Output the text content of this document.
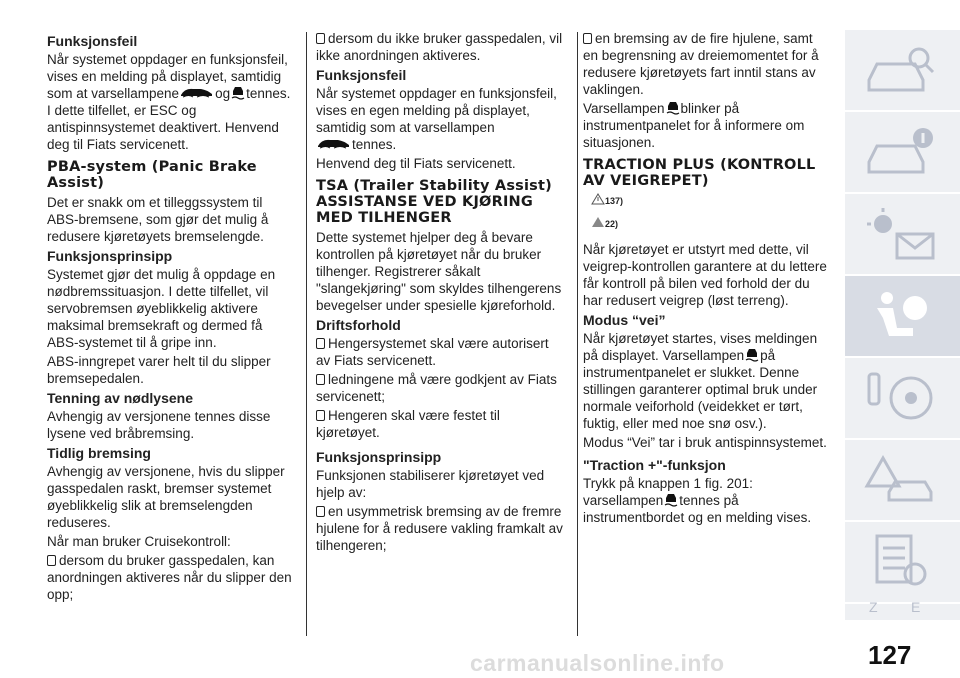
Funksjonsfeil

Når systemet oppdager en funksjonsfeil, vises en melding på displayet, samtidig som at varsellampene	og tennes. I dette tilfellet, er ESC og antispinnsystemet deaktivert. Henvend deg til Fiats servicenett.

PBA-system (Panic Brake Assist)

Det er snakk om et tilleggssystem til ABS-bremsene, som gjør det mulig å redusere kjøretøyets bremselengde.

Funksjonsprinsipp

Systemet gjør det mulig å oppdage en nødbremssituasjon. I dette tilfellet, vil servobremsen øyeblikkelig aktivere maksimal bremsekraft og dermed få ABS-systemet til å gripe inn.

ABS-inngrepet varer helt til du slipper bremsepedalen.

Tenning av nødlysene

Avhengig av versjonene tennes disse lysene ved bråbremsing.

Tidlig bremsing

Avhengig av versjonene, hvis du slipper gasspedalen raskt, bremser systemet øyeblikkelig slik at bremselengden reduseres.

Når man bruker Cruisekontroll:

dersom du bruker gasspedalen, kan anordningen aktiveres når du slipper den opp;

dersom du ikke bruker gasspedalen, vil ikke anordningen aktiveres.

Funksjonsfeil

Når systemet oppdager en funksjonsfeil, vises en egen melding på displayet, samtidig som at varsellampen
tennes.

Henvend deg til Fiats servicenett.

TSA (Trailer Stability Assist) ASSISTANSE VED KJØRING MED TILHENGER

Dette systemet hjelper deg å bevare kontrollen på kjøretøyet når du bruker tilhenger. Registrerer såkalt "slangekjøring" som skyldes tilhengerens bevegelser under spesielle kjøreforhold.

Driftsforhold

Hengersystemet skal være autorisert av Fiats servicenett.

ledningene må være godkjent av Fiats servicenett;

Hengeren skal være festet til kjøretøyet.

Funksjonsprinsipp

Funksjonen stabiliserer kjøretøyet ved hjelp av:

en usymmetrisk bremsing av de fremre hjulene for å redusere vakling framkalt av tilhengeren;

en bremsing av de fire hjulene, samt en begrensning av dreiemomentet for å redusere kjøretøyets fart inntil stans av vaklingen.

Varsellampen blinker på instrumentpanelet for å informere om situasjonen.

TRACTION PLUS (KONTROLL AV VEIGREPET)
137)
22)

Når kjøretøyet er utstyrt med dette, vil veigrep-kontrollen garantere at du lettere får kontroll på bilen ved forhold der du har redusert veigrep (løst terreng).

Modus “vei”

Når kjøretøyet startes, vises meldingen på displayet. Varsellampen på instrumentpanelet er slukket. Denne stillingen garanterer optimal bruk under normale veiforhold (veidekket er tørt, fuktig, eller med noe snø osv.).

Modus “Vei” tar i bruk antispinnsystemet.

"Traction +"-funksjon

Trykk på knappen 1 fig. 201: varsellampen tennes på instrumentbordet og en melding vises.

Z E
127
carmanualsonline.info
